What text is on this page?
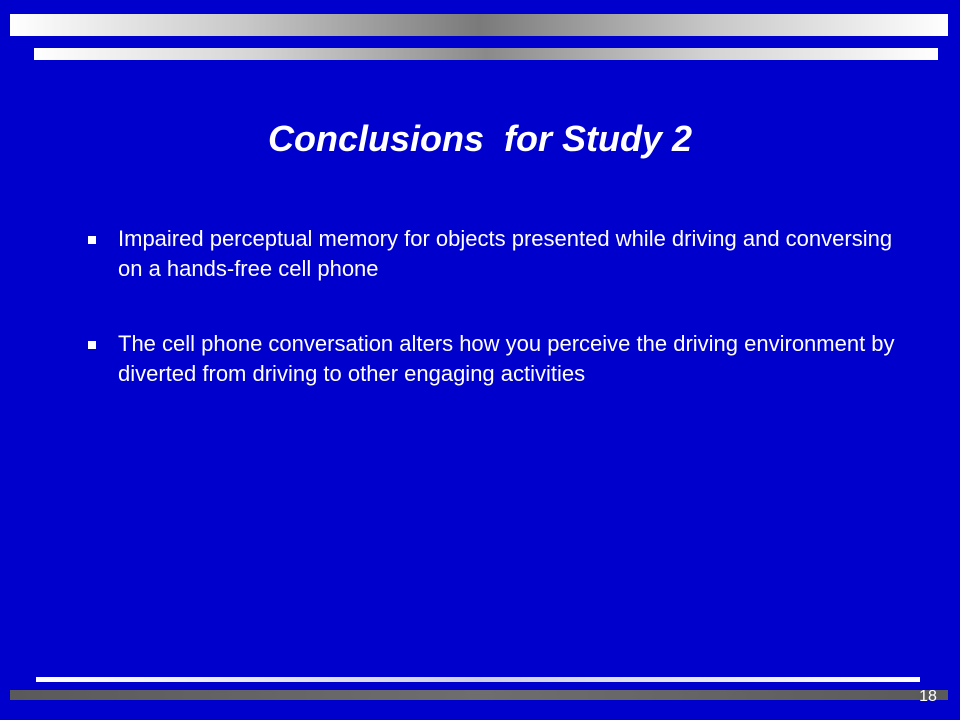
Conclusions  for Study 2
Impaired perceptual memory for objects presented while driving and conversing on a hands-free cell phone
The cell phone conversation alters how you perceive the driving environment by diverted from driving to other engaging activities
18
